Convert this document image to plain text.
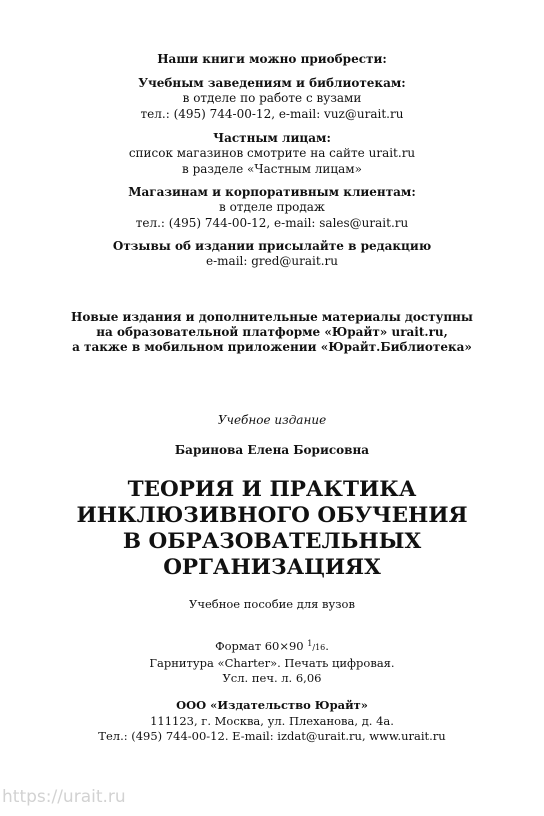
Наши книги можно приобрести:
Учебным заведениям и библиотекам:
в отделе по работе с вузами
тел.: (495) 744-00-12, e-mail: vuz@urait.ru
Частным лицам:
список магазинов смотрите на сайте urait.ru
в разделе «Частным лицам»
Магазинам и корпоративным клиентам:
в отделе продаж
тел.: (495) 744-00-12, e-mail: sales@urait.ru
Отзывы об издании присылайте в редакцию
e-mail: gred@urait.ru
Новые издания и дополнительные материалы доступны
на образовательной платформе «Юрайт» urait.ru,
а также в мобильном приложении «Юрайт.Библиотека»
Учебное издание
Баринова Елена Борисовна
ТЕОРИЯ И ПРАКТИКА
ИНКЛЮЗИВНОГО ОБУЧЕНИЯ
В ОБРАЗОВАТЕЛЬНЫХ
ОРГАНИЗАЦИЯХ
Учебное пособие для вузов
Формат 60×90 1/16.
Гарнитура «Charter». Печать цифровая.
Усл. печ. л. 6,06
ООО «Издательство Юрайт»
111123, г. Москва, ул. Плеханова, д. 4а.
Тел.: (495) 744-00-12. E-mail: izdat@urait.ru, www.urait.ru
https://urait.ru
